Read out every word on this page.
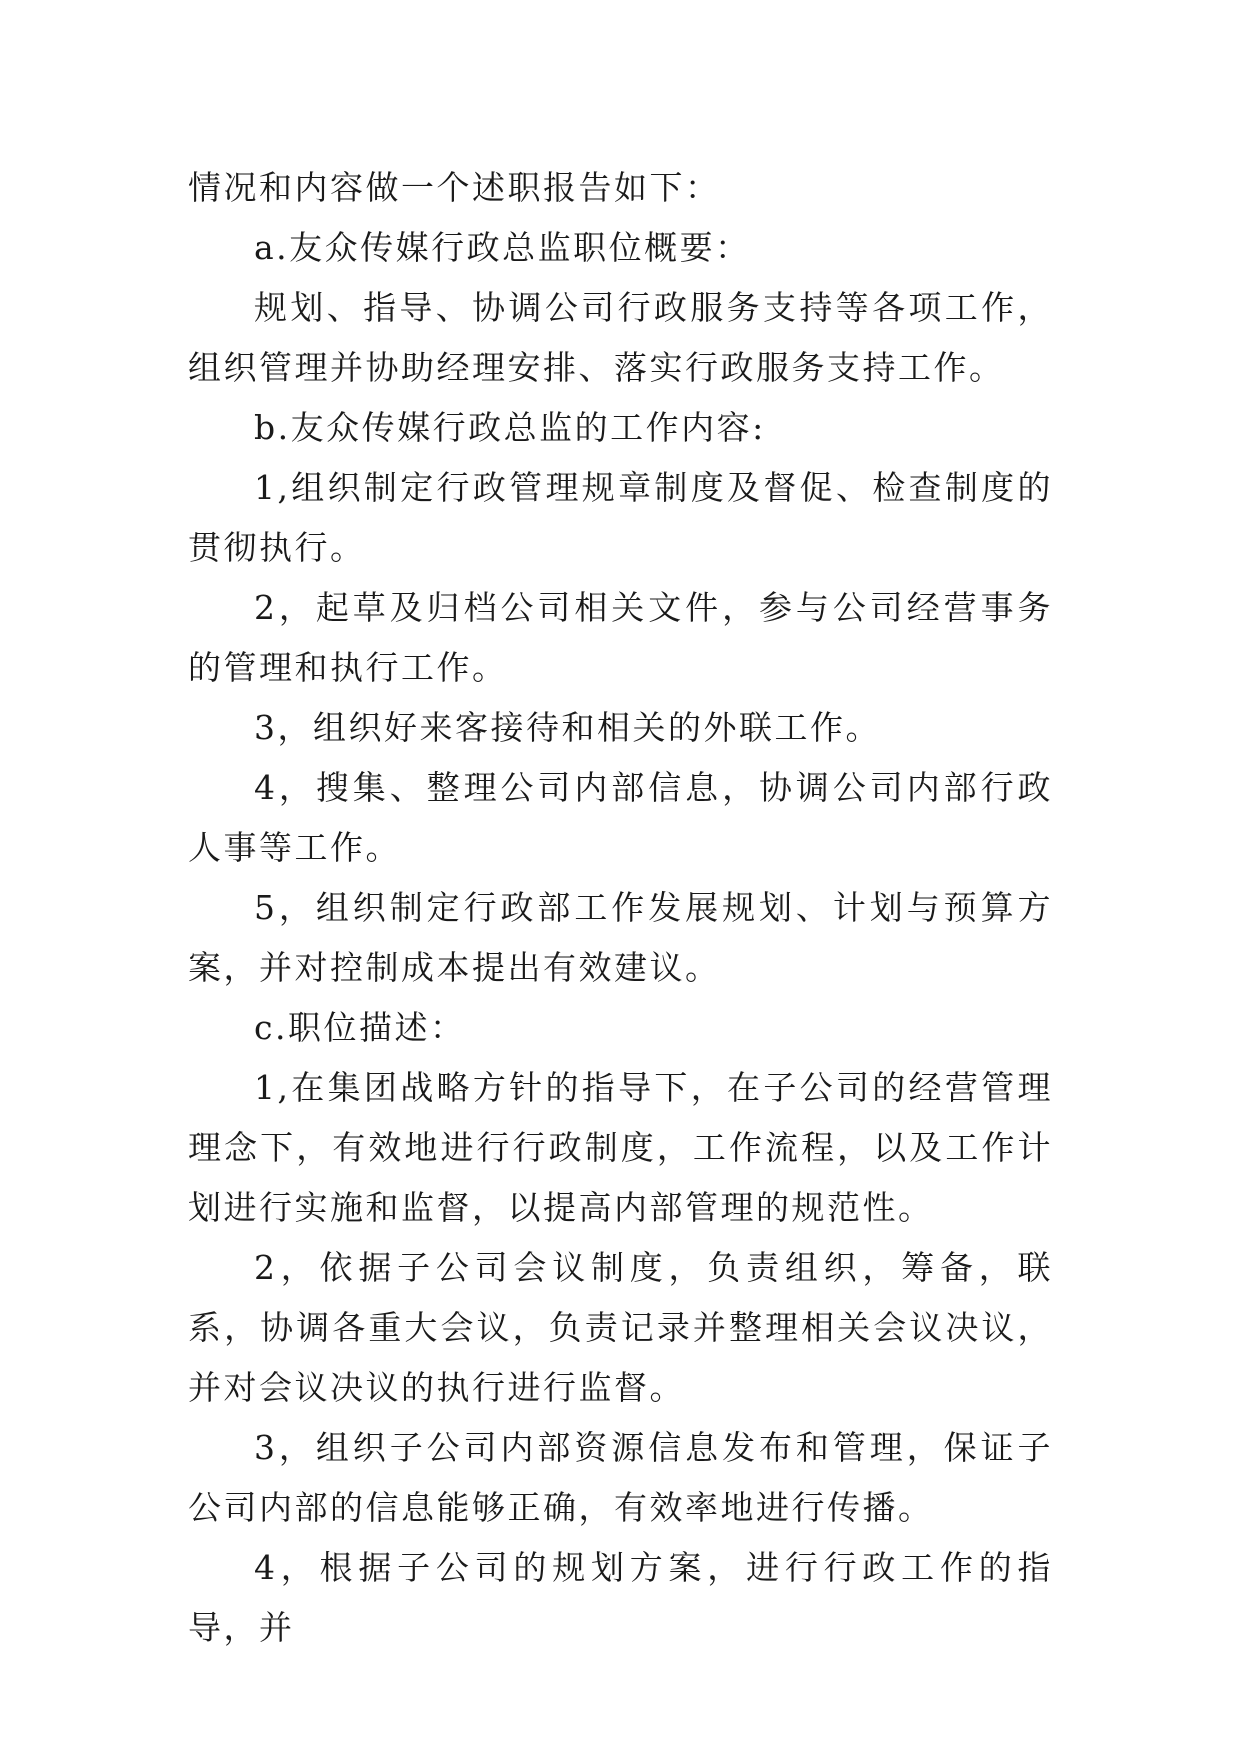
情况和内容做一个述职报告如下：

a.友众传媒行政总监职位概要：

规划、指导、协调公司行政服务支持等各项工作，组织管理并协助经理安排、落实行政服务支持工作。

b.友众传媒行政总监的工作内容:

1,组织制定行政管理规章制度及督促、检查制度的贯彻执行。

2，起草及归档公司相关文件，参与公司经营事务的管理和执行工作。

3，组织好来客接待和相关的外联工作。

4，搜集、整理公司内部信息，协调公司内部行政人事等工作。

5，组织制定行政部工作发展规划、计划与预算方案，并对控制成本提出有效建议。

c.职位描述：

1,在集团战略方针的指导下，在子公司的经营管理理念下，有效地进行行政制度，工作流程，以及工作计划进行实施和监督，以提高内部管理的规范性。

2，依据子公司会议制度，负责组织，筹备，联系，协调各重大会议，负责记录并整理相关会议决议，并对会议决议的执行进行监督。

3，组织子公司内部资源信息发布和管理，保证子公司内部的信息能够正确，有效率地进行传播。

4，根据子公司的规划方案，进行行政工作的指导，并
